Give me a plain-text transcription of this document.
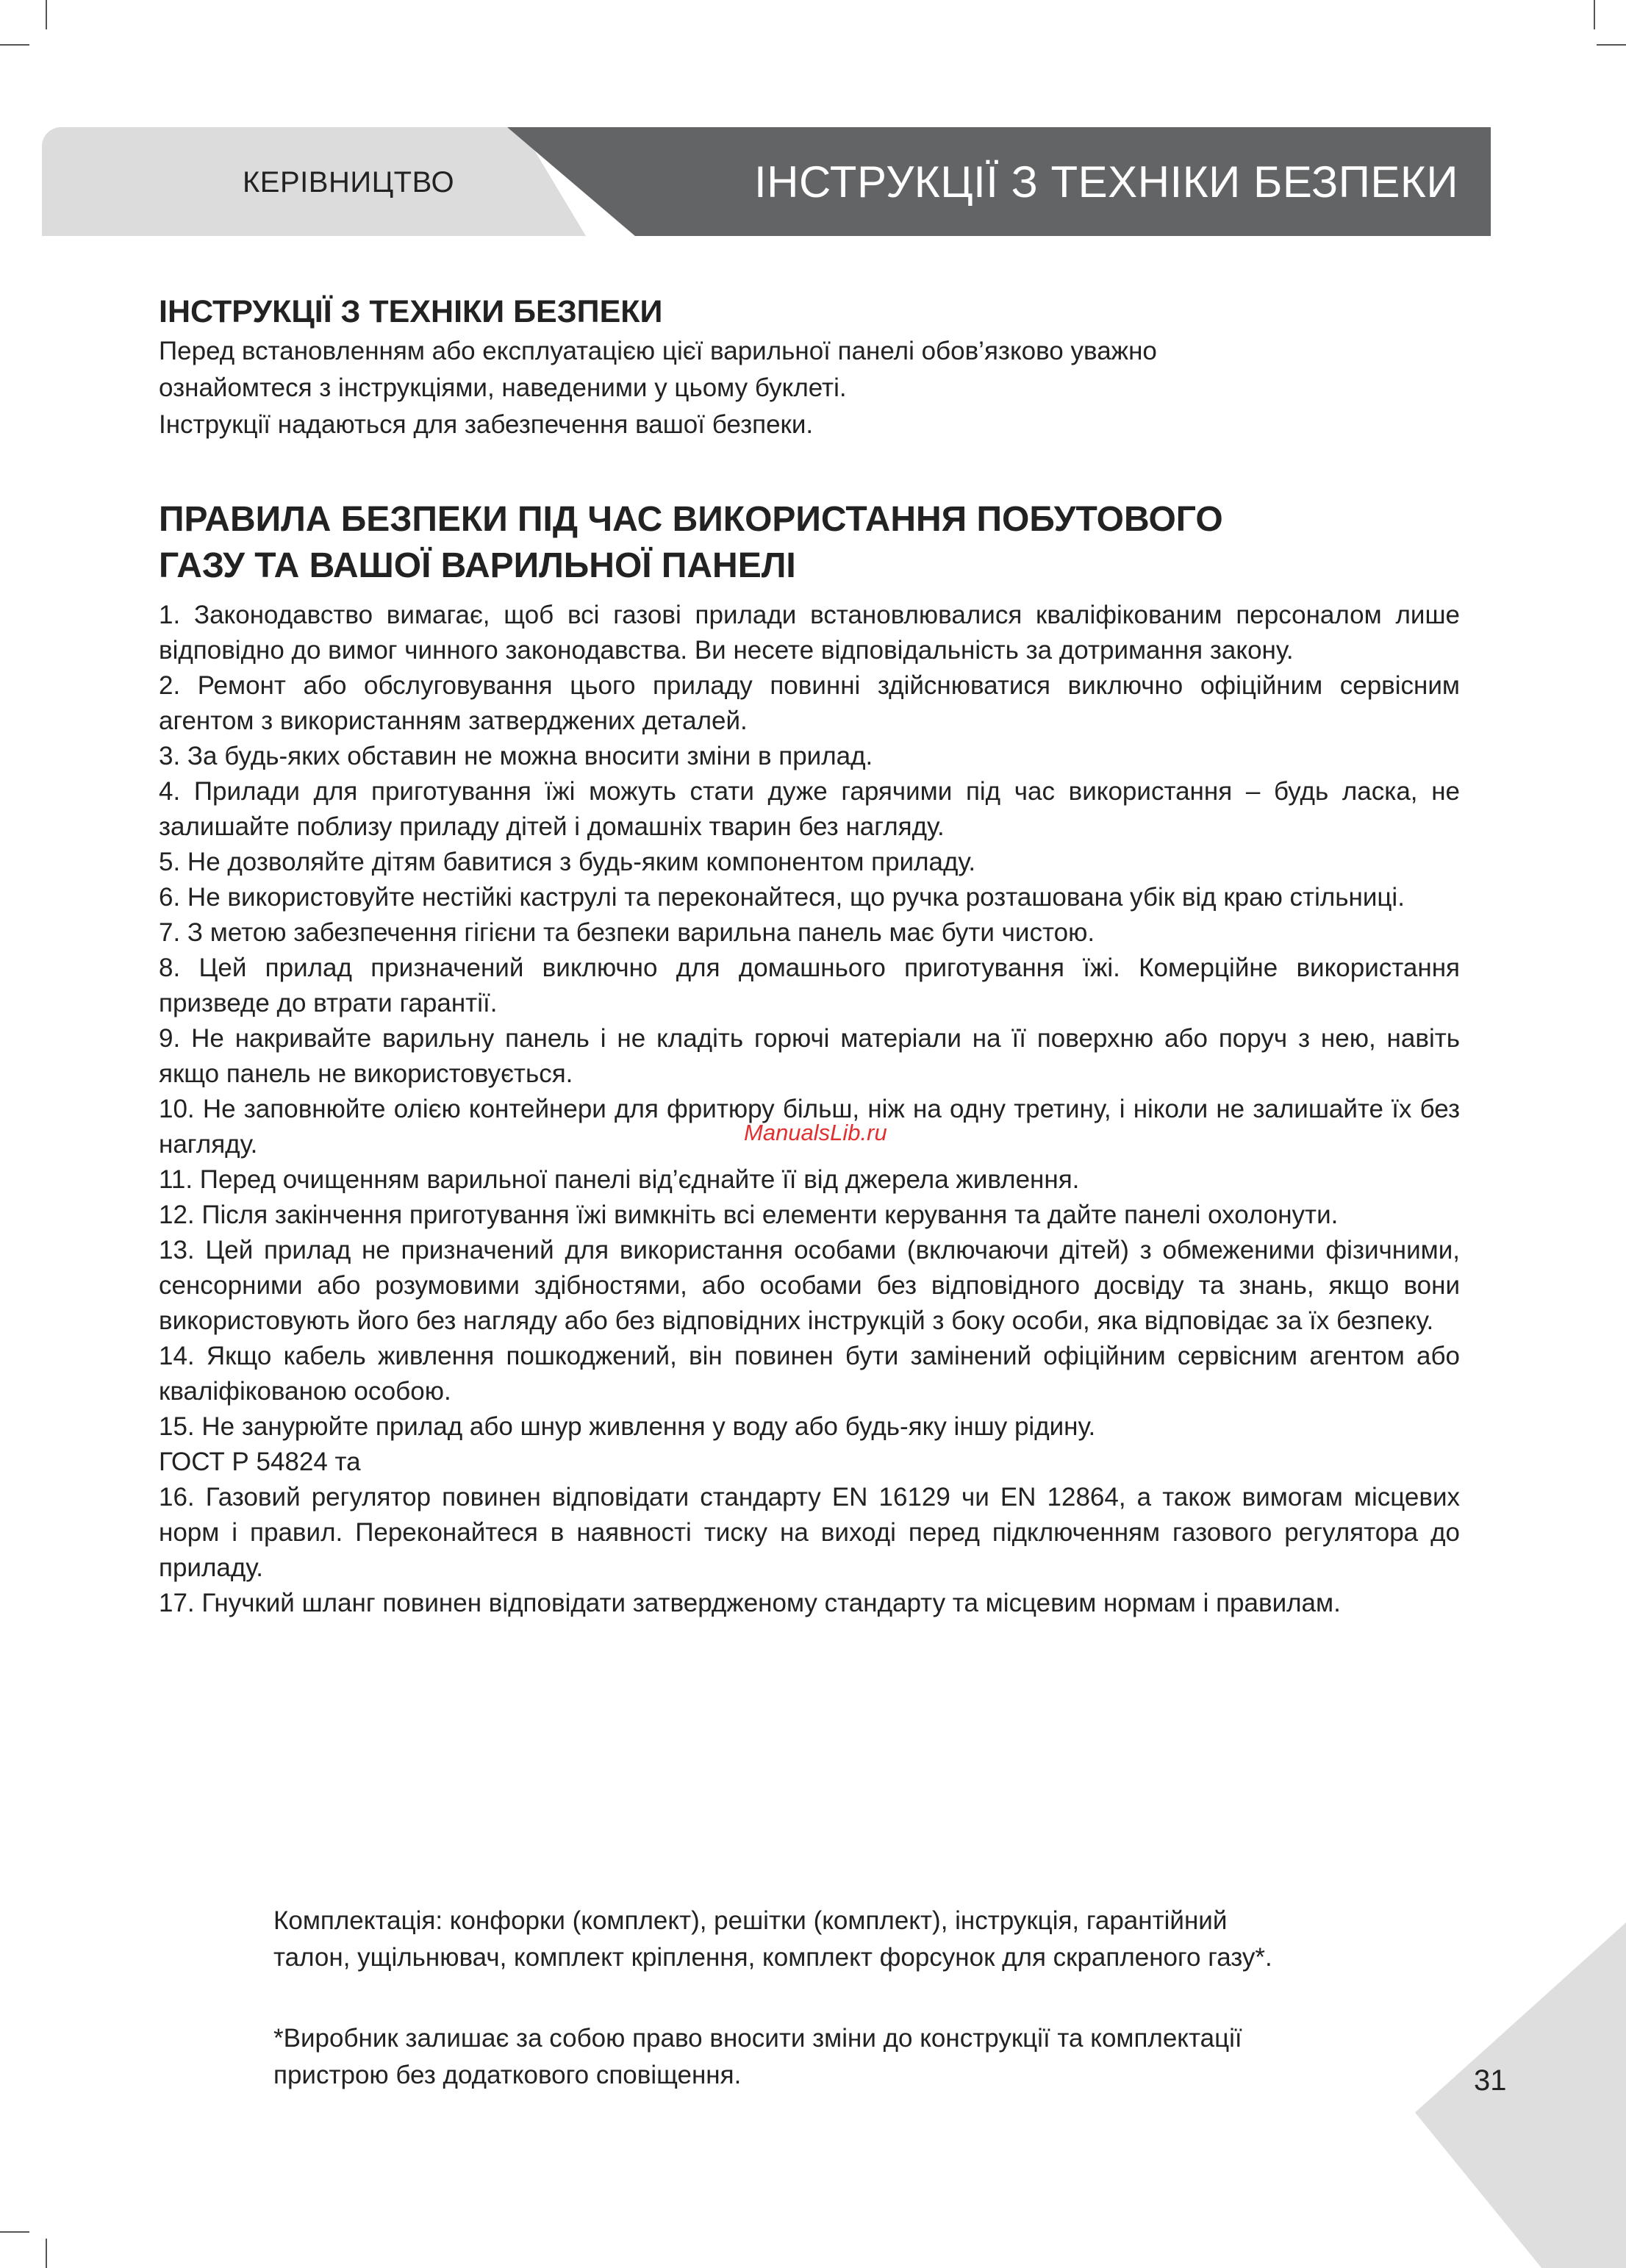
КЕРІВНИЦТВО	ІНСТРУКЦІЇ З ТЕХНІКИ БЕЗПЕКИ
ІНСТРУКЦІЇ З ТЕХНІКИ БЕЗПЕКИ

Перед встановленням або експлуатацією цієї варильної панелі обов’язково уважно

ознайомтеся з інструкціями, наведеними у цьому буклеті.

Інструкції надаються для забезпечення вашої безпеки.

ПРАВИЛА БЕЗПЕКИ ПІД ЧАС ВИКОРИСТАННЯ ПОБУТОВОГО
ГАЗУ ТА ВАШОЇ ВАРИЛЬНОЇ ПАНЕЛІ

1. Законодавство вимагає, щоб всі газові прилади встановлювалися кваліфікованим персоналом лише відповідно до вимог чинного законодавства. Ви несете відповідальність за дотримання закону.

2. Ремонт або обслуговування цього приладу повинні здійснюватися виключно офіційним сервісним агентом з використанням затверджених деталей.

3. За будь-яких обставин не можна вносити зміни в прилад.

4. Прилади для приготування їжі можуть стати дуже гарячими під час використання – будь ласка, не залишайте поблизу приладу дітей і домашніх тварин без нагляду.

5. Не дозволяйте дітям бавитися з будь-яким компонентом приладу.

6. Не використовуйте нестійкі каструлі та переконайтеся, що ручка розташована убік від краю стільниці.

7. З метою забезпечення гігієни та безпеки варильна панель має бути чистою.

8. Цей прилад призначений виключно для домашнього приготування їжі. Комерційне використання призведе до втрати гарантії.

9. Не накривайте варильну панель і не кладіть горючі матеріали на її поверхню або поруч з нею, навіть якщо панель не використовується.

10. Не заповнюйте олією контейнери для фритюру більш, ніж на одну третину, і ніколи не залишайте їх без нагляду.

11. Перед очищенням варильної панелі від’єднайте її від джерела живлення.

12. Після закінчення приготування їжі вимкніть всі елементи керування та дайте панелі охолонути.

13. Цей прилад не призначений для використання особами (включаючи дітей) з обмеженими фізичними, сенсорними або розумовими здібностями, або особами без відповідного досвіду та знань, якщо вони використовують його без нагляду або без відповідних інструкцій з боку особи, яка відповідає за їх безпеку.

14. Якщо кабель живлення пошкоджений, він повинен бути замінений офіційним сервісним агентом або кваліфікованою особою.

15. Не занурюйте прилад або шнур живлення у воду або будь-яку іншу рідину.

ГОСТ Р 54824 та

16. Газовий регулятор повинен відповідати стандарту EN 16129 чи EN 12864, а також вимогам місцевих норм і правил. Переконайтеся в наявності тиску на виході перед підключенням газового регулятора до приладу.

17. Гнучкий шланг повинен відповідати затвердженому стандарту та місцевим нормам і правилам.

ManualsLib.ru

Комплектація: конфорки (комплект), решітки (комплект), інструкція, гарантійний

талон, ущільнювач, комплект кріплення, комплект форсунок для скрапленого газу*.

*Виробник залишає за собою право вносити зміни до конструкції та комплектації

пристрою без додаткового сповіщення.	31
